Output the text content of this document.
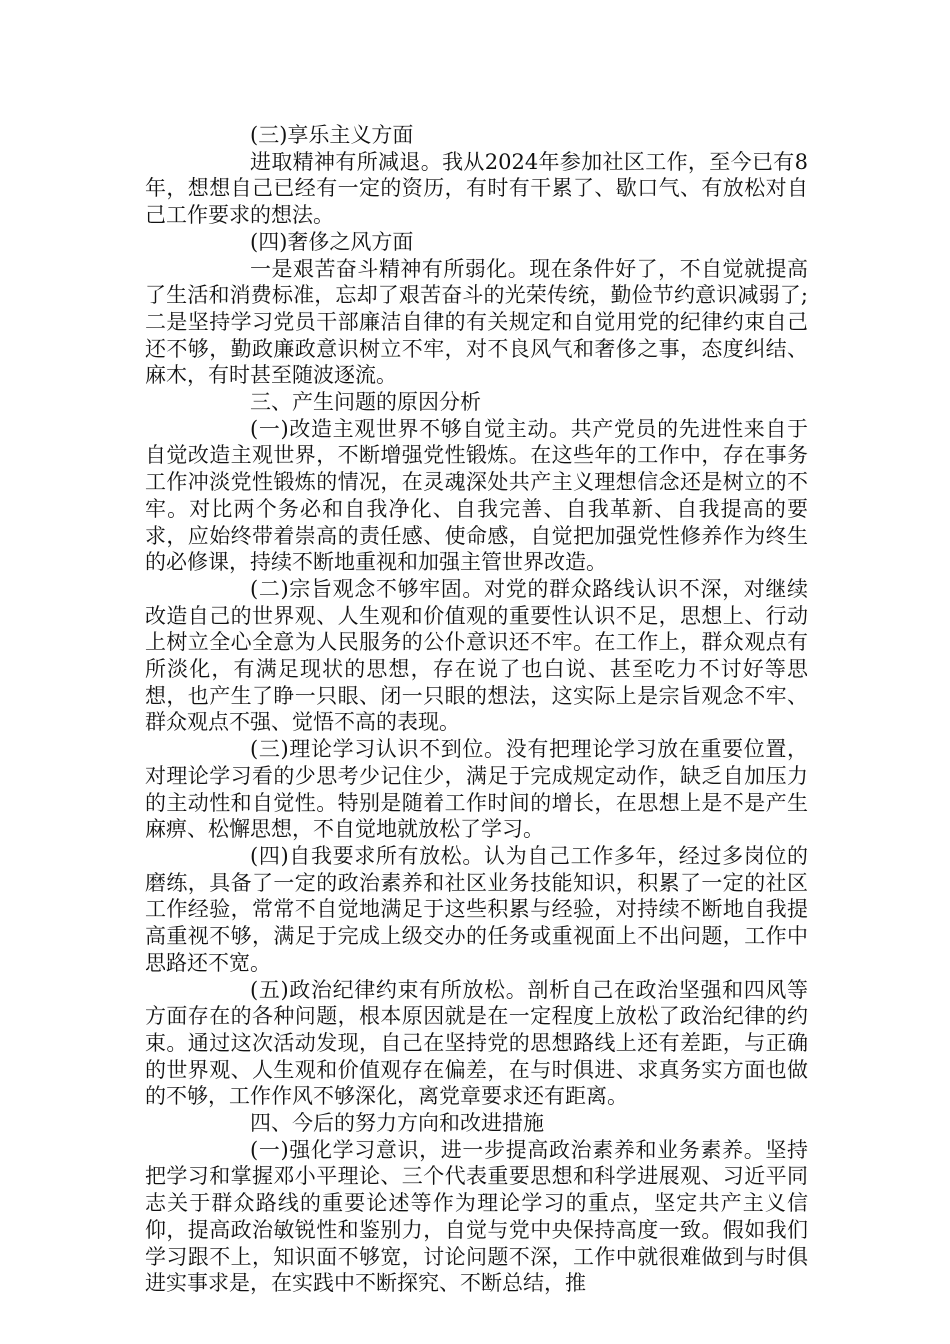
(三)享乐主义方面

进取精神有所减退。我从2024年参加社区工作，至今已有8年，想想自己已经有一定的资历，有时有干累了、歇口气、有放松对自己工作要求的想法。

(四)奢侈之风方面

一是艰苦奋斗精神有所弱化。现在条件好了，不自觉就提高了生活和消费标准，忘却了艰苦奋斗的光荣传统，勤俭节约意识减弱了;二是坚持学习党员干部廉洁自律的有关规定和自觉用党的纪律约束自己还不够，勤政廉政意识树立不牢，对不良风气和奢侈之事，态度纠结、麻木，有时甚至随波逐流。

三、产生问题的原因分析

(一)改造主观世界不够自觉主动。共产党员的先进性来自于自觉改造主观世界，不断增强党性锻炼。在这些年的工作中，存在事务工作冲淡党性锻炼的情况，在灵魂深处共产主义理想信念还是树立的不牢。对比两个务必和自我净化、自我完善、自我革新、自我提高的要求，应始终带着崇高的责任感、使命感，自觉把加强党性修养作为终生的必修课，持续不断地重视和加强主管世界改造。

(二)宗旨观念不够牢固。对党的群众路线认识不深，对继续改造自己的世界观、人生观和价值观的重要性认识不足，思想上、行动上树立全心全意为人民服务的公仆意识还不牢。在工作上，群众观点有所淡化，有满足现状的思想，存在说了也白说、甚至吃力不讨好等思想，也产生了睁一只眼、闭一只眼的想法，这实际上是宗旨观念不牢、群众观点不强、觉悟不高的表现。

(三)理论学习认识不到位。没有把理论学习放在重要位置，对理论学习看的少思考少记住少，满足于完成规定动作，缺乏自加压力的主动性和自觉性。特别是随着工作时间的增长，在思想上是不是产生麻痹、松懈思想，不自觉地就放松了学习。

(四)自我要求所有放松。认为自己工作多年，经过多岗位的磨练，具备了一定的政治素养和社区业务技能知识，积累了一定的社区工作经验，常常不自觉地满足于这些积累与经验，对持续不断地自我提高重视不够，满足于完成上级交办的任务或重视面上不出问题，工作中思路还不宽。

(五)政治纪律约束有所放松。剖析自己在政治坚强和四风等方面存在的各种问题，根本原因就是在一定程度上放松了政治纪律的约束。通过这次活动发现，自己在坚持党的思想路线上还有差距，与正确的世界观、人生观和价值观存在偏差，在与时俱进、求真务实方面也做的不够，工作作风不够深化，离党章要求还有距离。

四、今后的努力方向和改进措施

(一)强化学习意识，进一步提高政治素养和业务素养。坚持把学习和掌握邓小平理论、三个代表重要思想和科学进展观、习近平同志关于群众路线的重要论述等作为理论学习的重点，坚定共产主义信仰，提高政治敏锐性和鉴别力，自觉与党中央保持高度一致。假如我们学习跟不上，知识面不够宽，讨论问题不深，工作中就很难做到与时俱进实事求是，在实践中不断探究、不断总结，推
